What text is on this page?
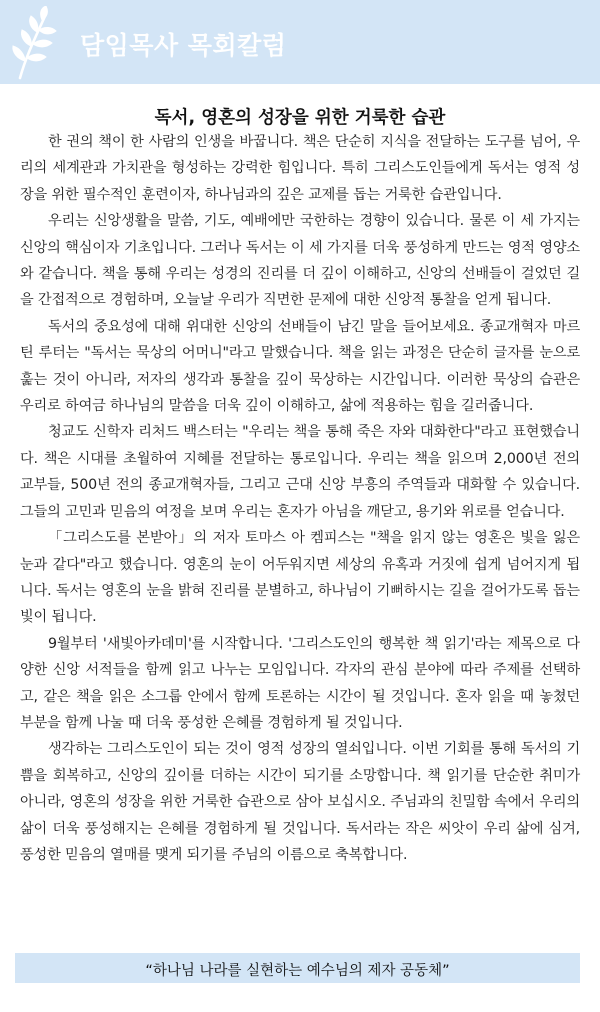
담임목사 목회칼럼
독서, 영혼의 성장을 위한 거룩한 습관

한 권의 책이 한 사람의 인생을 바꿉니다. 책은 단순히 지식을 전달하는 도구를 넘어, 우리의 세계관과 가치관을 형성하는 강력한 힘입니다. 특히 그리스도인들에게 독서는 영적 성장을 위한 필수적인 훈련이자, 하나님과의 깊은 교제를 돕는 거룩한 습관입니다.

우리는 신앙생활을 말씀, 기도, 예배에만 국한하는 경향이 있습니다. 물론 이 세 가지는 신앙의 핵심이자 기초입니다. 그러나 독서는 이 세 가지를 더욱 풍성하게 만드는 영적 영양소와 같습니다. 책을 통해 우리는 성경의 진리를 더 깊이 이해하고, 신앙의 선배들이 걸었던 길을 간접적으로 경험하며, 오늘날 우리가 직면한 문제에 대한 신앙적 통찰을 얻게 됩니다.

독서의 중요성에 대해 위대한 신앙의 선배들이 남긴 말을 들어보세요. 종교개혁자 마르틴 루터는 "독서는 묵상의 어머니"라고 말했습니다. 책을 읽는 과정은 단순히 글자를 눈으로 훑는 것이 아니라, 저자의 생각과 통찰을 깊이 묵상하는 시간입니다. 이러한 묵상의 습관은 우리로 하여금 하나님의 말씀을 더욱 깊이 이해하고, 삶에 적용하는 힘을 길러줍니다.

청교도 신학자 리처드 백스터는 "우리는 책을 통해 죽은 자와 대화한다"라고 표현했습니다. 책은 시대를 초월하여 지혜를 전달하는 통로입니다. 우리는 책을 읽으며 2,000년 전의 교부들, 500년 전의 종교개혁자들, 그리고 근대 신앙 부흥의 주역들과 대화할 수 있습니다. 그들의 고민과 믿음의 여정을 보며 우리는 혼자가 아님을 깨닫고, 용기와 위로를 얻습니다.

「그리스도를 본받아」의 저자 토마스 아 켐피스는 "책을 읽지 않는 영혼은 빛을 잃은 눈과 같다"라고 했습니다. 영혼의 눈이 어두워지면 세상의 유혹과 거짓에 쉽게 넘어지게 됩니다. 독서는 영혼의 눈을 밝혀 진리를 분별하고, 하나님이 기뻐하시는 길을 걸어가도록 돕는 빛이 됩니다.

9월부터 '새빛아카데미'를 시작합니다. '그리스도인의 행복한 책 읽기'라는 제목으로 다양한 신앙 서적들을 함께 읽고 나누는 모임입니다. 각자의 관심 분야에 따라 주제를 선택하고, 같은 책을 읽은 소그룹 안에서 함께 토론하는 시간이 될 것입니다. 혼자 읽을 때 놓쳤던 부분을 함께 나눌 때 더욱 풍성한 은혜를 경험하게 될 것입니다.

생각하는 그리스도인이 되는 것이 영적 성장의 열쇠입니다. 이번 기회를 통해 독서의 기쁨을 회복하고, 신앙의 깊이를 더하는 시간이 되기를 소망합니다. 책 읽기를 단순한 취미가 아니라, 영혼의 성장을 위한 거룩한 습관으로 삼아 보십시오. 주님과의 친밀함 속에서 우리의 삶이 더욱 풍성해지는 은혜를 경험하게 될 것입니다. 독서라는 작은 씨앗이 우리 삶에 심겨, 풍성한 믿음의 열매를 맺게 되기를 주님의 이름으로 축복합니다.

“하나님 나라를 실현하는 예수님의 제자 공동체”
